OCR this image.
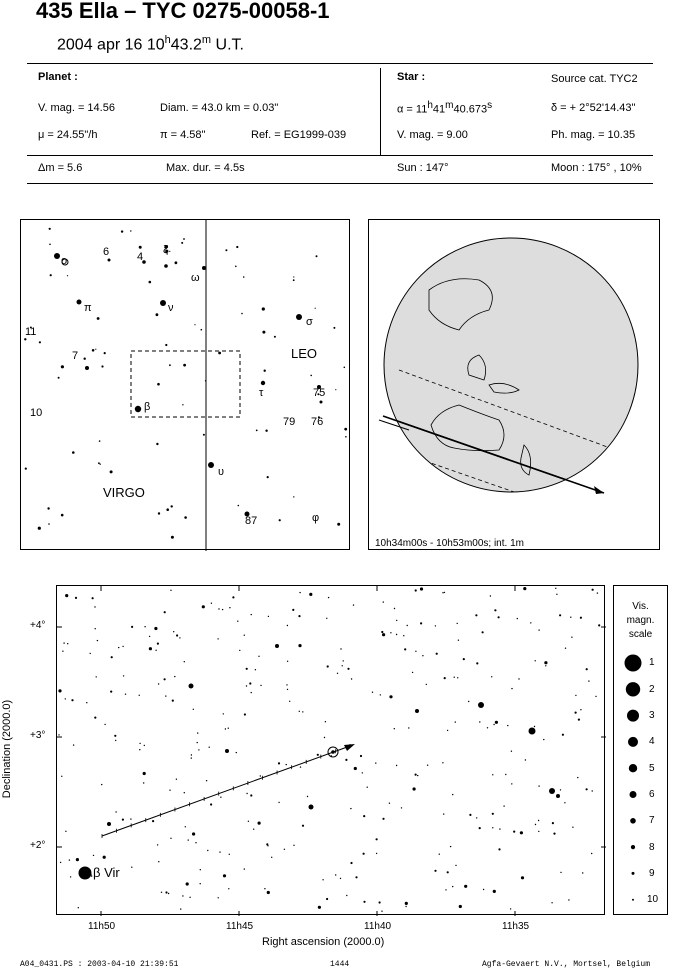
435 Ella – TYC 0275-00058-1
2004 apr 16 10$^h$43.2$^m$ U.T.
Planet :
V. mag. = 14.56	Diam. = 43.0 km = 0.03"
μ = 24.55"/h	π = 4.58"	Ref. = EG1999-039
Star :	Source cat. TYC2
$\alpha = 11^h41^m40.673^s$	δ = + 2°52'14.43"
V. mag. = 9.00	Ph. mag. = 10.35
Δm = 5.6	Max. dur. = 4.5s	Sun : 147°	Moon : 175° , 10%
6	4
ξ
ο
ω
π	ν
σ
11
7	LEO
τ	75
10	β
79 76
υ
VIRGO
87	φ
10h34m00s - 10h53m00s; int. 1m
β Vir
+4°
+3°
+2°
11h50	11h45	11h40	11h35
Right ascension (2000.0)
Declination (2000.0)
Vis.
magn.
scale
1
2
3
4
5
6
7
8
9
10
A04_0431.PS : 2003-04-10 21:39:51	1444	Agfa-Gevaert N.V., Mortsel, Belgium
